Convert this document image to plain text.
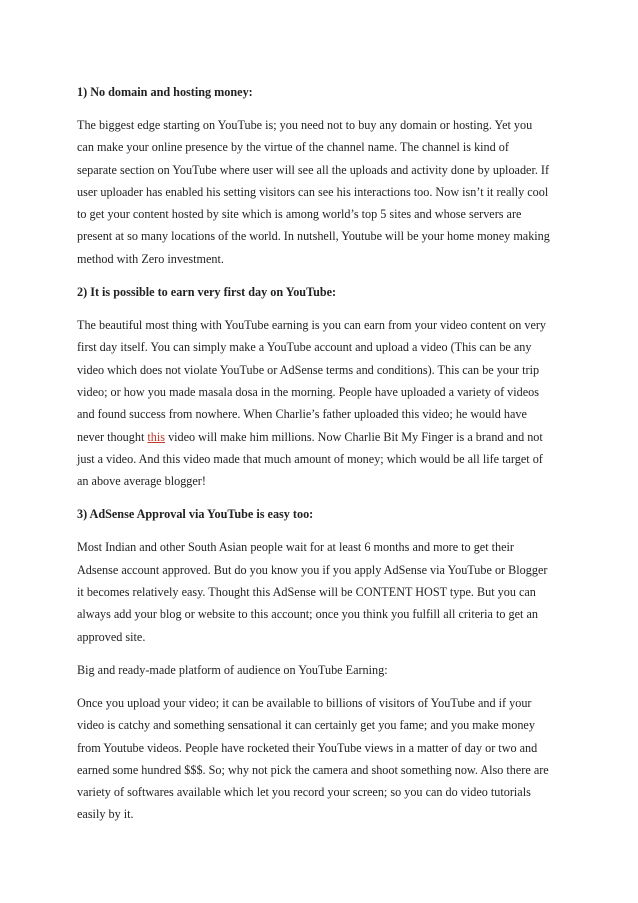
1) No domain and hosting money:
The biggest edge starting on YouTube is; you need not to buy any domain or hosting. Yet you
can make your online presence by the virtue of the channel name. The channel is kind of
separate section on YouTube where user will see all the uploads and activity done by uploader. If
user uploader has enabled his setting visitors can see his interactions too. Now isn’t it really cool
to get your content hosted by site which is among world’s top 5 sites and whose servers are
present at so many locations of the world. In nutshell, Youtube will be your home money making
method with Zero investment.
2) It is possible to earn very first day on YouTube:
The beautiful most thing with YouTube earning is you can earn from your video content on very
first day itself. You can simply make a YouTube account and upload a video (This can be any
video which does not violate YouTube or AdSense terms and conditions). This can be your trip
video; or how you made masala dosa in the morning. People have uploaded a variety of videos
and found success from nowhere. When Charlie’s father uploaded this video; he would have
never thought this video will make him millions. Now Charlie Bit My Finger is a brand and not
just a video. And this video made that much amount of money; which would be all life target of
an above average blogger!
3) AdSense Approval via YouTube is easy too:
Most Indian and other South Asian people wait for at least 6 months and more to get their
Adsense account approved. But do you know you if you apply AdSense via YouTube or Blogger
it becomes relatively easy. Thought this AdSense will be CONTENT HOST type. But you can
always add your blog or website to this account; once you think you fulfill all criteria to get an
approved site.
Big and ready-made platform of audience on YouTube Earning:
Once you upload your video; it can be available to billions of visitors of YouTube and if your
video is catchy and something sensational it can certainly get you fame; and you make money
from Youtube videos. People have rocketed their YouTube views in a matter of day or two and
earned some hundred $$$. So; why not pick the camera and shoot something now. Also there are
variety of softwares available which let you record your screen; so you can do video tutorials
easily by it.
